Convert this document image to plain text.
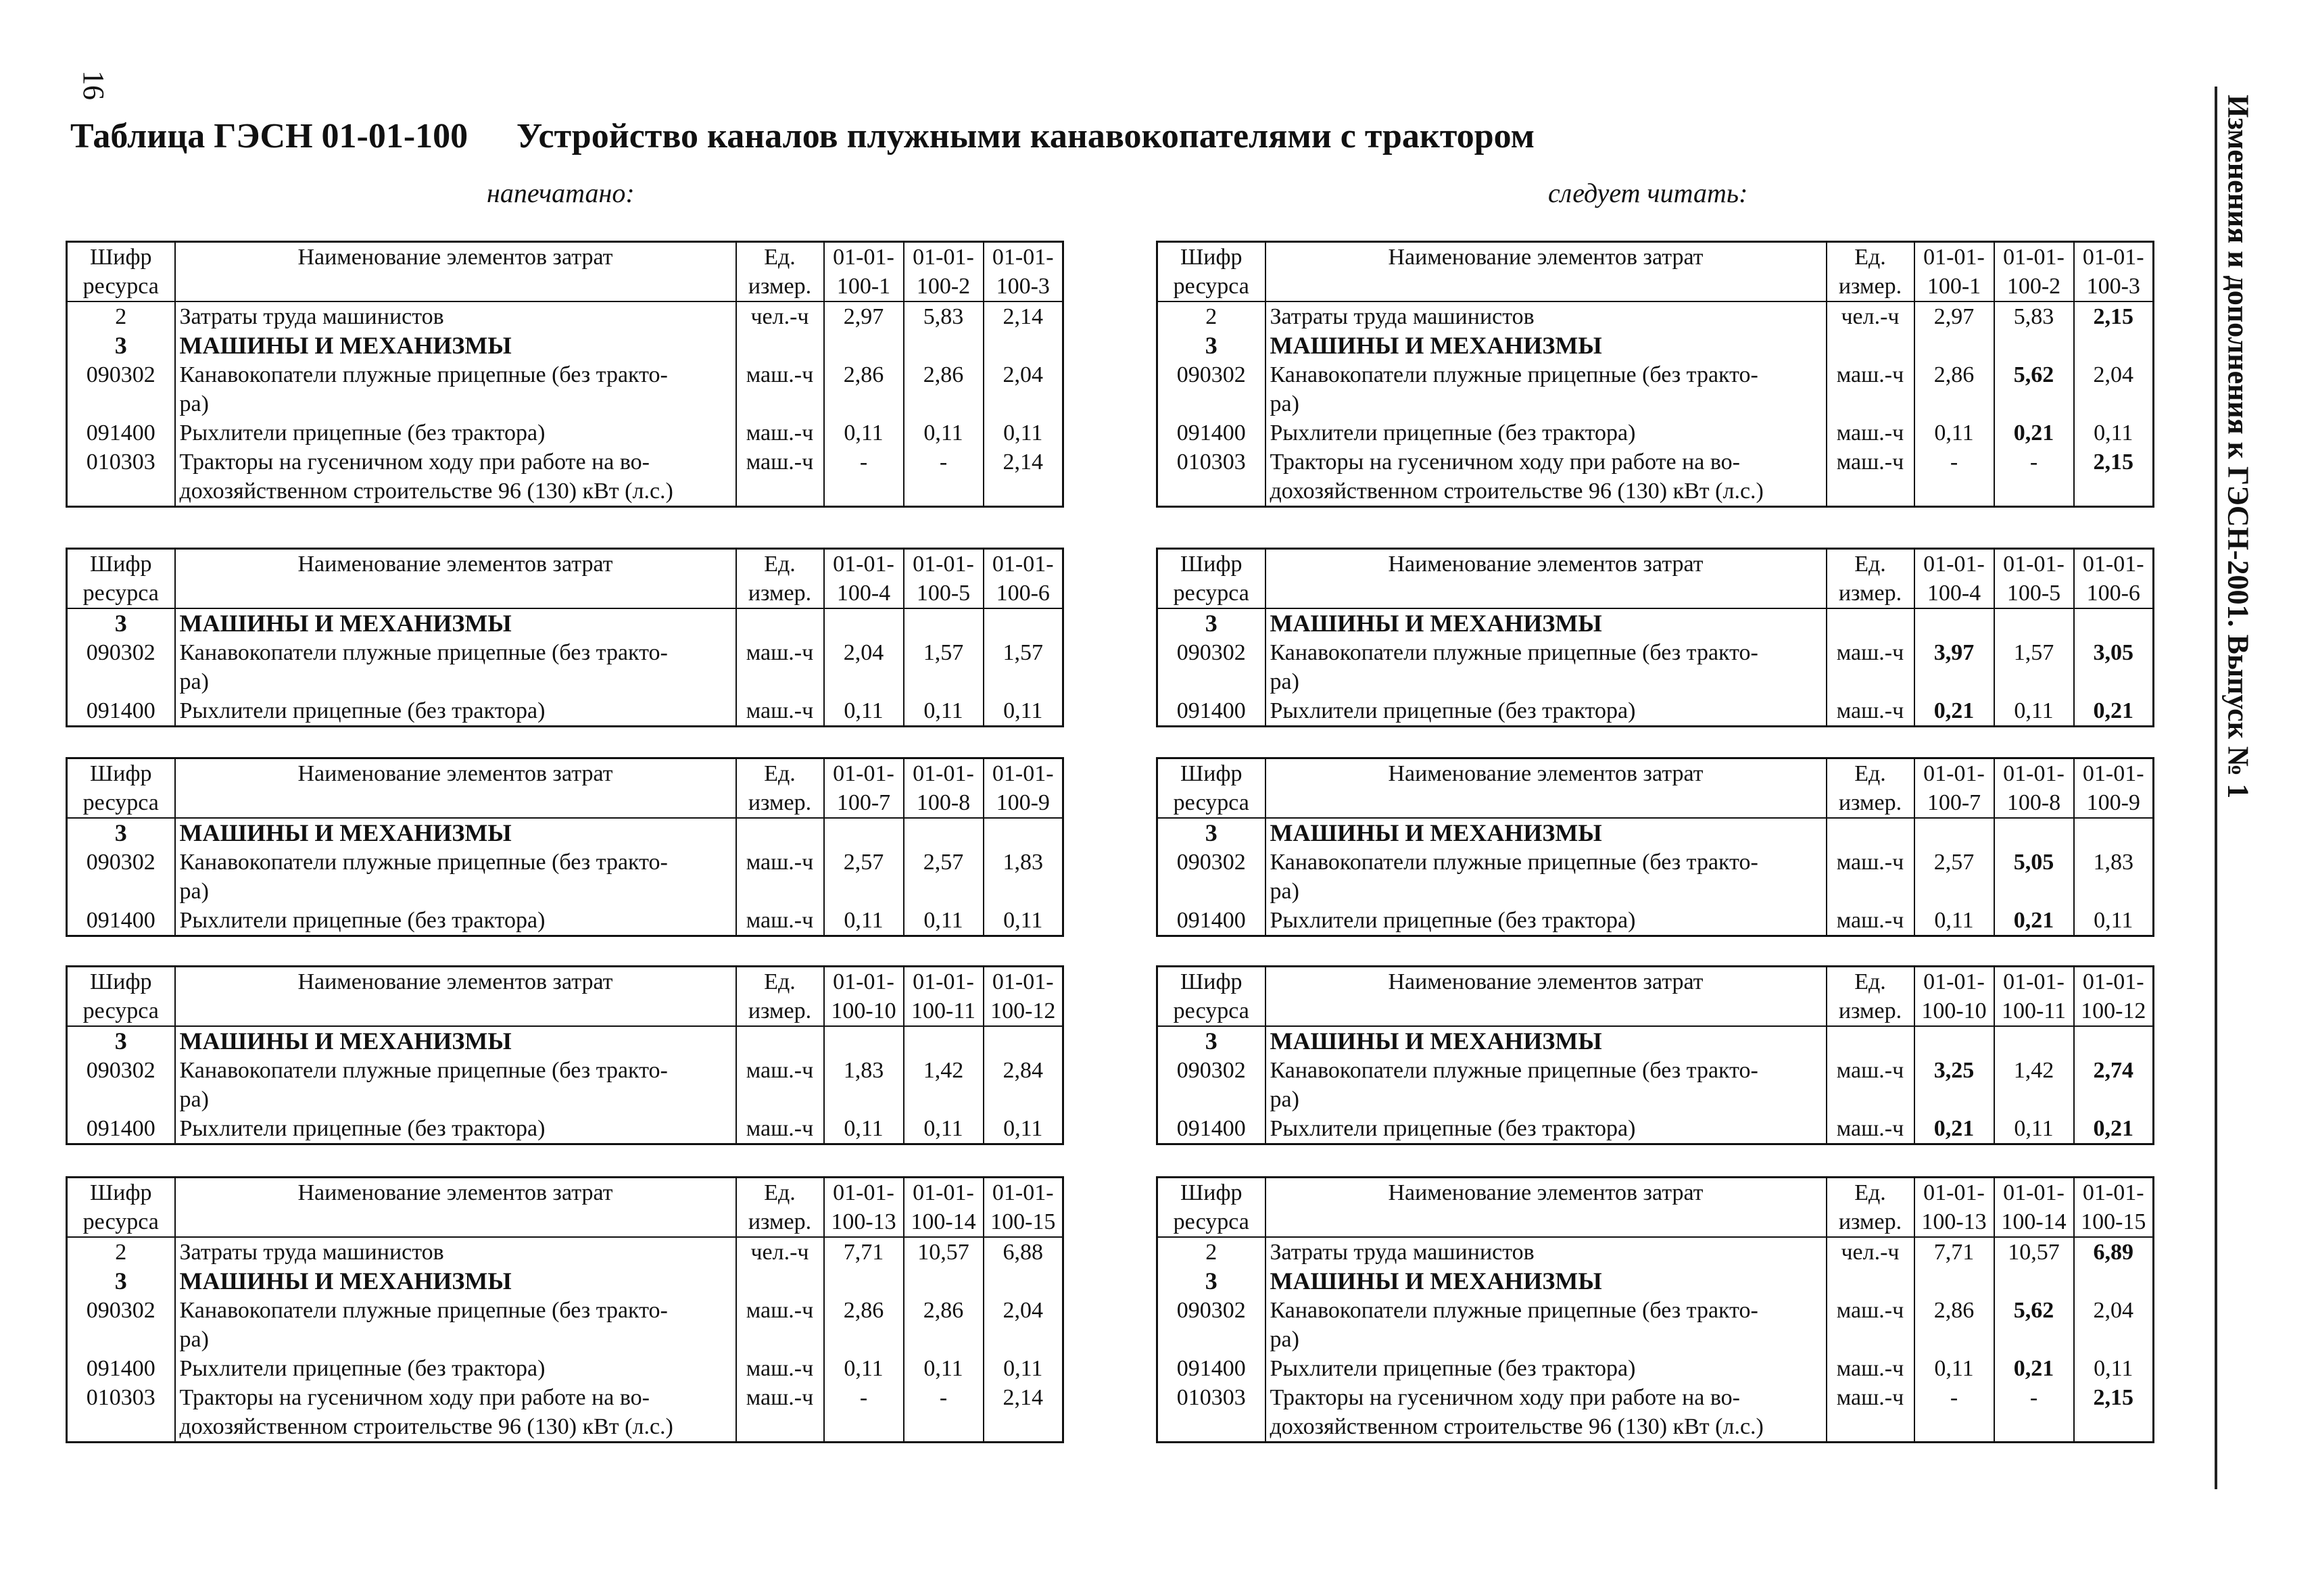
16
Таблица ГЭСН 01-01-100 Устройство каналов плужными канавокопателями с трактором
напечатано:	следует читать:	Изменения и дополнения к ГЭСН-2001. Выпуск № 1
Шифр	Наименование элементов затрат	Ед.	01-01-	01-01-	01-01-
ресурса		измер.	100-1	100-2	100-3
2	Затраты труда машинистов	чел.-ч	2,97	5,83	2,14
3	МАШИНЫ И МЕХАНИЗМЫ				

090302	Канавокопатели плужные прицепные (без тракто-
ра)	маш.-ч	2,86	2,86	2,04
091400	Рыхлители прицепные (без трактора)	маш.-ч	0,11	0,11	0,11
010303	Тракторы на гусеничном ходу при работе на во-
дохозяйственном строительстве 96 (130) кВт (л.с.)	маш.-ч	-	-	2,14
Шифр	Наименование элементов затрат	Ед.	01-01-	01-01-	01-01-
ресурса		измер.	100-4	100-5	100-6
3	МАШИНЫ И МЕХАНИЗМЫ				

090302	Канавокопатели плужные прицепные (без тракто-
ра)	маш.-ч	2,04	1,57	1,57
091400	Рыхлители прицепные (без трактора)	маш.-ч	0,11	0,11	0,11
Шифр	Наименование элементов затрат	Ед.	01-01-	01-01-	01-01-
ресурса		измер.	100-7	100-8	100-9
3	МАШИНЫ И МЕХАНИЗМЫ				

090302	Канавокопатели плужные прицепные (без тракто-
ра)	маш.-ч	2,57	2,57	1,83
091400	Рыхлители прицепные (без трактора)	маш.-ч	0,11	0,11	0,11
Шифр	Наименование элементов затрат	Ед.	01-01-	01-01-	01-01-
ресурса		измер.	100-10	100-11	100-12
3	МАШИНЫ И МЕХАНИЗМЫ				

090302	Канавокопатели плужные прицепные (без тракто-
ра)	маш.-ч	1,83	1,42	2,84
091400	Рыхлители прицепные (без трактора)	маш.-ч	0,11	0,11	0,11
Шифр	Наименование элементов затрат	Ед.	01-01-	01-01-	01-01-
ресурса		измер.	100-13	100-14	100-15
2	Затраты труда машинистов	чел.-ч	7,71	10,57	6,88
3	МАШИНЫ И МЕХАНИЗМЫ				

090302	Канавокопатели плужные прицепные (без тракто-
ра)	маш.-ч	2,86	2,86	2,04
091400	Рыхлители прицепные (без трактора)	маш.-ч	0,11	0,11	0,11
010303	Тракторы на гусеничном ходу при работе на во-
дохозяйственном строительстве 96 (130) кВт (л.с.)	маш.-ч	-	-	2,14
Шифр	Наименование элементов затрат	Ед.	01-01-	01-01-	01-01-
ресурса		измер.	100-1	100-2	100-3
2	Затраты труда машинистов	чел.-ч	2,97	5,83	2,15
3	МАШИНЫ И МЕХАНИЗМЫ				

090302	Канавокопатели плужные прицепные (без тракто-
ра)	маш.-ч	2,86	5,62	2,04
091400	Рыхлители прицепные (без трактора)	маш.-ч	0,11	0,21	0,11
010303	Тракторы на гусеничном ходу при работе на во-
дохозяйственном строительстве 96 (130) кВт (л.с.)	маш.-ч	-	-	2,15
Шифр	Наименование элементов затрат	Ед.	01-01-	01-01-	01-01-
ресурса		измер.	100-4	100-5	100-6
3	МАШИНЫ И МЕХАНИЗМЫ				

090302	Канавокопатели плужные прицепные (без тракто-
ра)	маш.-ч	3,97	1,57	3,05
091400	Рыхлители прицепные (без трактора)	маш.-ч	0,21	0,11	0,21
Шифр	Наименование элементов затрат	Ед.	01-01-	01-01-	01-01-
ресурса		измер.	100-7	100-8	100-9
3	МАШИНЫ И МЕХАНИЗМЫ				

090302	Канавокопатели плужные прицепные (без тракто-
ра)	маш.-ч	2,57	5,05	1,83
091400	Рыхлители прицепные (без трактора)	маш.-ч	0,11	0,21	0,11
Шифр	Наименование элементов затрат	Ед.	01-01-	01-01-	01-01-
ресурса		измер.	100-10	100-11	100-12
3	МАШИНЫ И МЕХАНИЗМЫ				

090302	Канавокопатели плужные прицепные (без тракто-
ра)	маш.-ч	3,25	1,42	2,74
091400	Рыхлители прицепные (без трактора)	маш.-ч	0,21	0,11	0,21
Шифр	Наименование элементов затрат	Ед.	01-01-	01-01-	01-01-
ресурса		измер.	100-13	100-14	100-15
2	Затраты труда машинистов	чел.-ч	7,71	10,57	6,89
3	МАШИНЫ И МЕХАНИЗМЫ				

090302	Канавокопатели плужные прицепные (без тракто-
ра)	маш.-ч	2,86	5,62	2,04
091400	Рыхлители прицепные (без трактора)	маш.-ч	0,11	0,21	0,11
010303	Тракторы на гусеничном ходу при работе на во-
дохозяйственном строительстве 96 (130) кВт (л.с.)	маш.-ч	-	-	2,15
